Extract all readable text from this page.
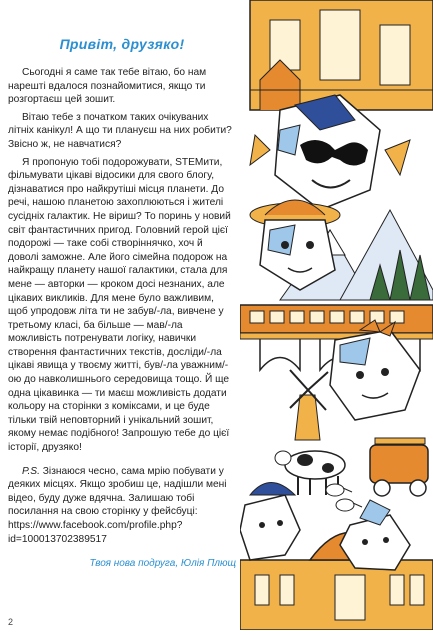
Привіт, друзяко!

Сьогодні я саме так тебе вітаю, бо нам нарешті вдалося познайомитися, якщо ти розгортаєш цей зошит.

Вітаю тебе з початком таких очікуваних літніх канікул! А що ти плануєш на них робити? Звісно ж, не навчатися?

Я пропоную тобі подорожувати, STEMити, фільмувати цікаві відосики для свого блогу, дізнаватися про найкрутіші місця планети. До речі, нашою планетою захоплюються і жителі сусідніх галактик. Не віриш? То поринь у новий світ фантастичних пригод. Головний герой цієї подорожі — таке собі створіннячко, хоч й доволі заможне. Але його сімейна подорож на найкращу планету нашої галактики, стала для мене — авторки — кроком досі незнаних, але цікавих викликів. Для мене було важливим, щоб упродовж літа ти не забув/-ла, вивчене у третьому класі, ба більше — мав/-ла можливість потренувати логіку, навички створення фантастичних текстів, досліди/-ла цікаві явища у твоєму житті, був/-ла уважним/-ою до навколишнього середовища тощо. Й ще одна цікавинка — ти маєш можливість додати кольору на сторінки з комiксами, и це буде тільки твій неповторний і унікальний зошит, якому немає подібного! Запрошую тебе до цієї історії, друзяко!

P.S. Зізнаюся чесно, сама мрію побувати у деяких місцях. Якщо зробиш це, надішли мені відео, буду дуже вдячна. Залишаю тобі посилання на свою сторінку у фейсбуці: https://www.facebook.com/profile.php?id=100013702389517

Твоя нова подруга, Юлія Плющ
2
